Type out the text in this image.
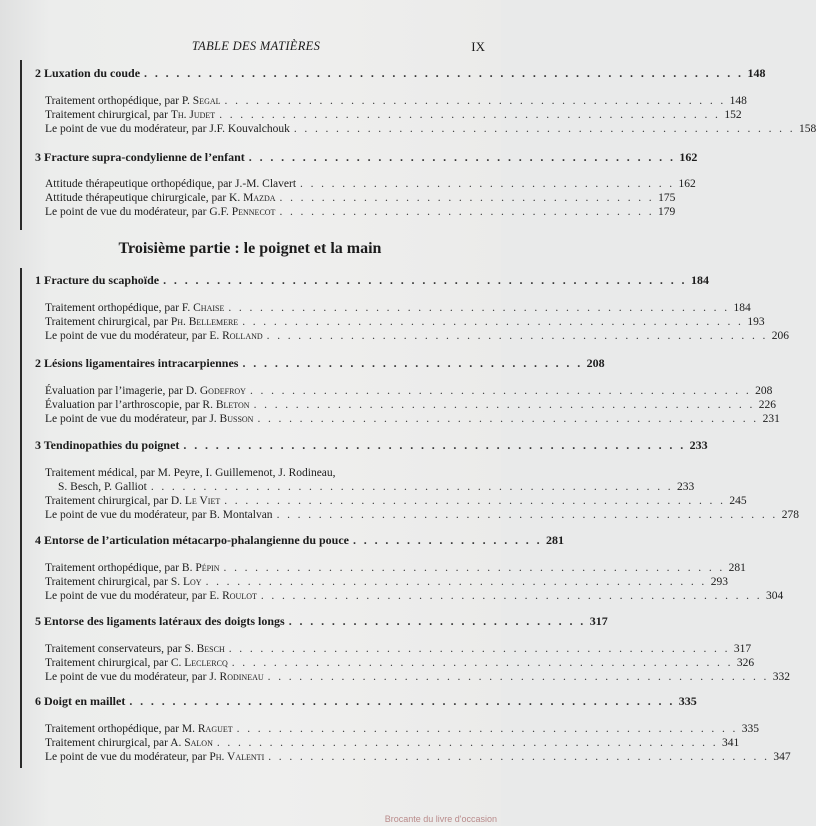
TABLE DES MATIÈRES	IX
2 Luxation du coude . . . . . . . . . . . . . . . . . . . . . . . . . . . . . . . . . . . . . . . . . . . . . . . . . . . . . . . . 148
Traitement orthopédique, par P. Segal . . . . . . . . . . . . . . . . . . . . . . . . . . . . . . . . . . . . . . . . . . . . . . . . 148
Traitement chirurgical, par Th. Judet . . . . . . . . . . . . . . . . . . . . . . . . . . . . . . . . . . . . . . . . . . . . . . . . 152
Le point de vue du modérateur, par J.F. Kouvalchouk . . . . . . . . . . . . . . . . . . . . . . . . . . . . . . . . . . . . . . . . . . . . . . . . 158
3 Fracture supra-condylienne de l’enfant . . . . . . . . . . . . . . . . . . . . . . . . . . . . . . . . . . . . . . . . 162
Attitude thérapeutique orthopédique, par J.-M. Clavert . . . . . . . . . . . . . . . . . . . . . . . . . . . . . . . . . . . . 162
Attitude thérapeutique chirurgicale, par K. Mazda . . . . . . . . . . . . . . . . . . . . . . . . . . . . . . . . . . . . 175
Le point de vue du modérateur, par G.F. Pennecot . . . . . . . . . . . . . . . . . . . . . . . . . . . . . . . . . . . . 179
Troisième partie : le poignet et la main
1 Fracture du scaphoïde . . . . . . . . . . . . . . . . . . . . . . . . . . . . . . . . . . . . . . . . . . . . . . . . . 184
Traitement orthopédique, par F. Chaise . . . . . . . . . . . . . . . . . . . . . . . . . . . . . . . . . . . . . . . . . . . . . . . . 184
Traitement chirurgical, par Ph. Bellemere . . . . . . . . . . . . . . . . . . . . . . . . . . . . . . . . . . . . . . . . . . . . . . . . 193
Le point de vue du modérateur, par E. Rolland . . . . . . . . . . . . . . . . . . . . . . . . . . . . . . . . . . . . . . . . . . . . . . . . 206
2 Lésions ligamentaires intracarpiennes . . . . . . . . . . . . . . . . . . . . . . . . . . . . . . . . 208
Évaluation par l’imagerie, par D. Godefroy . . . . . . . . . . . . . . . . . . . . . . . . . . . . . . . . . . . . . . . . . . . . . . . . 208
Évaluation par l’arthroscopie, par R. Bleton . . . . . . . . . . . . . . . . . . . . . . . . . . . . . . . . . . . . . . . . . . . . . . . . 226
Le point de vue du modérateur, par J. Busson . . . . . . . . . . . . . . . . . . . . . . . . . . . . . . . . . . . . . . . . . . . . . . . . 231
3 Tendinopathies du poignet . . . . . . . . . . . . . . . . . . . . . . . . . . . . . . . . . . . . . . . . . . . . . . . 233
Traitement médical, par M. Peyre, I. Guillemenot, J. Rodineau,
S. Besch, P. Galliot . . . . . . . . . . . . . . . . . . . . . . . . . . . . . . . . . . . . . . . . . . . . . . . . . . 233
Traitement chirurgical, par D. Le Viet . . . . . . . . . . . . . . . . . . . . . . . . . . . . . . . . . . . . . . . . . . . . . . . . 245
Le point de vue du modérateur, par B. Montalvan . . . . . . . . . . . . . . . . . . . . . . . . . . . . . . . . . . . . . . . . . . . . . . . . 278
4 Entorse de l’articulation métacarpo-phalangienne du pouce . . . . . . . . . . . . . . . . . . 281
Traitement orthopédique, par B. Pépin . . . . . . . . . . . . . . . . . . . . . . . . . . . . . . . . . . . . . . . . . . . . . . . . 281
Traitement chirurgical, par S. Loy . . . . . . . . . . . . . . . . . . . . . . . . . . . . . . . . . . . . . . . . . . . . . . . . 293
Le point de vue du modérateur, par E. Roulot . . . . . . . . . . . . . . . . . . . . . . . . . . . . . . . . . . . . . . . . . . . . . . . . 304
5 Entorse des ligaments latéraux des doigts longs . . . . . . . . . . . . . . . . . . . . . . . . . . . . 317
Traitement conservateurs, par S. Besch . . . . . . . . . . . . . . . . . . . . . . . . . . . . . . . . . . . . . . . . . . . . . . . . 317
Traitement chirurgical, par C. Leclercq . . . . . . . . . . . . . . . . . . . . . . . . . . . . . . . . . . . . . . . . . . . . . . . . 326
Le point de vue du modérateur, par J. Rodineau . . . . . . . . . . . . . . . . . . . . . . . . . . . . . . . . . . . . . . . . . . . . . . . . 332
6 Doigt en maillet . . . . . . . . . . . . . . . . . . . . . . . . . . . . . . . . . . . . . . . . . . . . . . . . . . . 335
Traitement orthopédique, par M. Raguet . . . . . . . . . . . . . . . . . . . . . . . . . . . . . . . . . . . . . . . . . . . . . . . . 335
Traitement chirurgical, par A. Salon . . . . . . . . . . . . . . . . . . . . . . . . . . . . . . . . . . . . . . . . . . . . . . . . 341
Le point de vue du modérateur, par Ph. Valenti . . . . . . . . . . . . . . . . . . . . . . . . . . . . . . . . . . . . . . . . . . . . . . . . 347
Brocante du livre d'occasion
